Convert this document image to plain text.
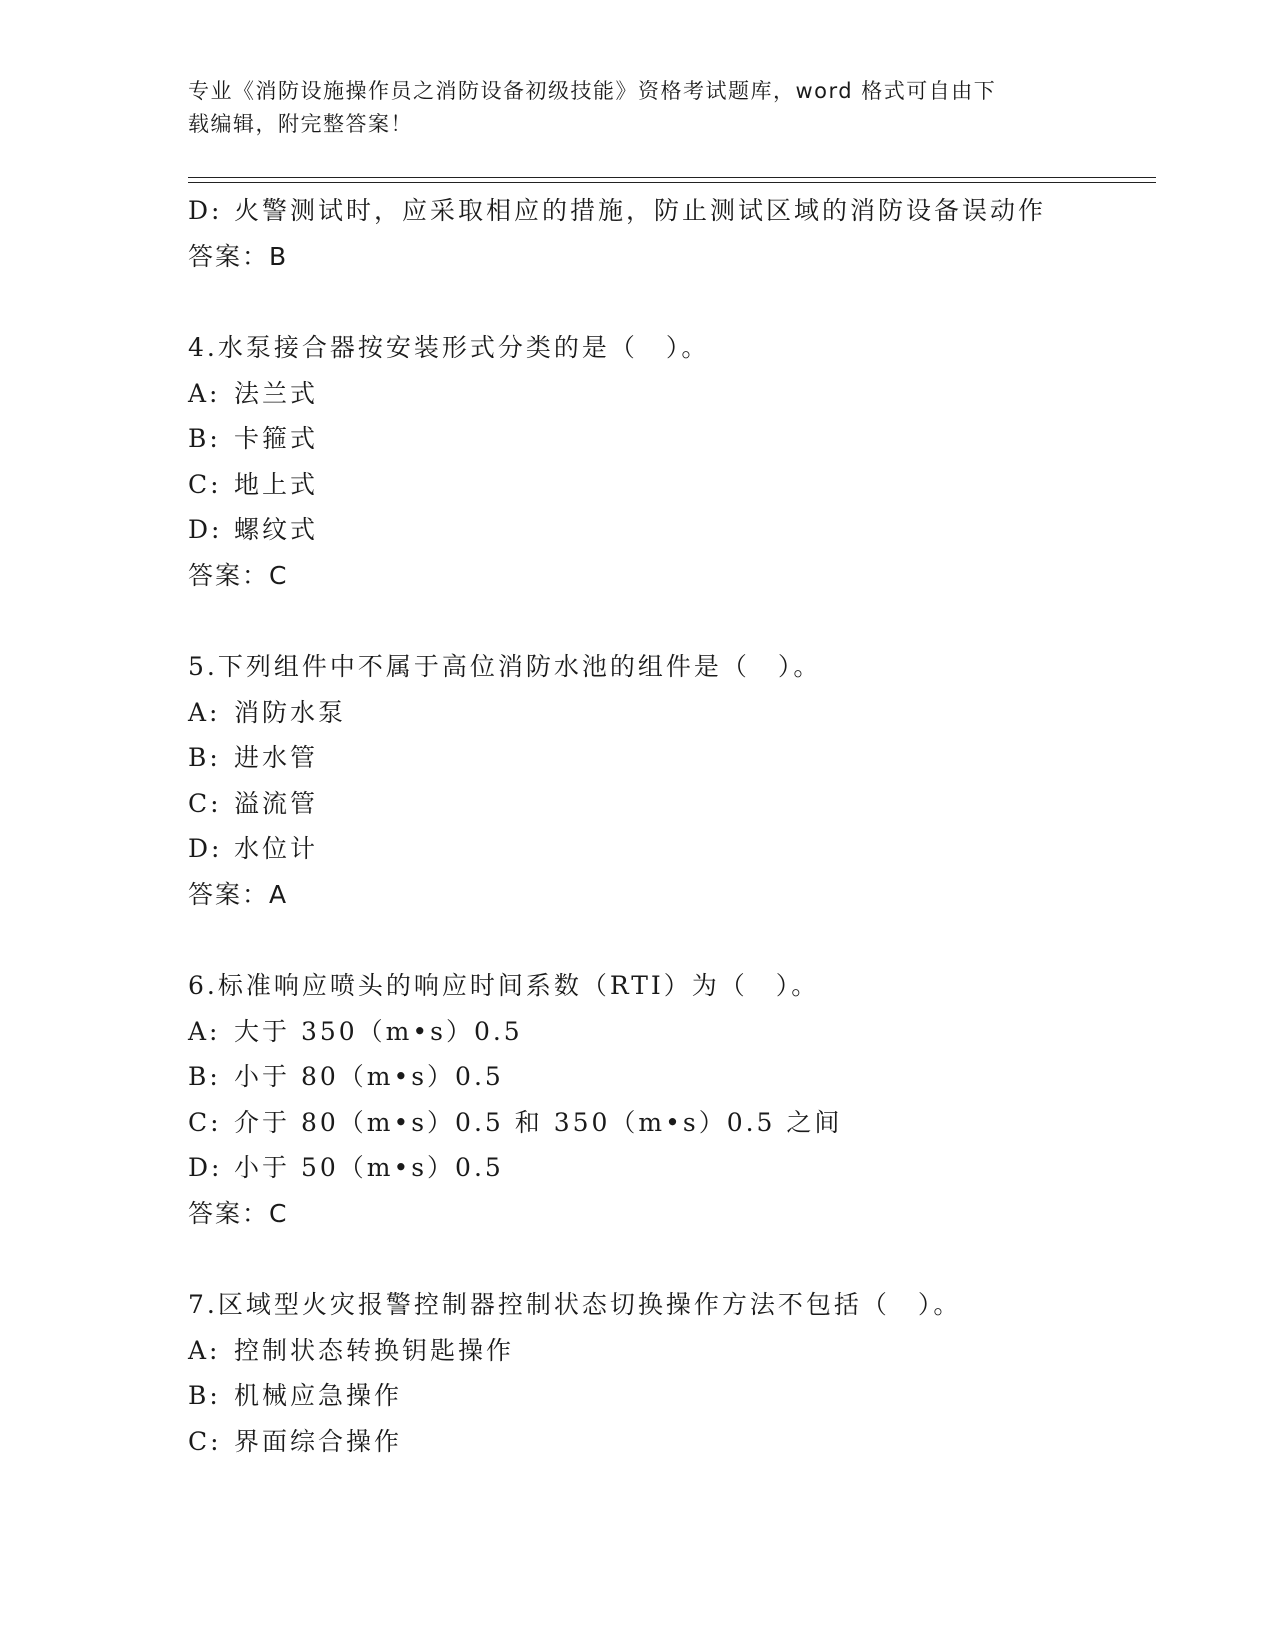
专业《消防设施操作员之消防设备初级技能》资格考试题库，word 格式可自由下
载编辑，附完整答案！
D: 火警测试时，应采取相应的措施，防止测试区域的消防设备误动作
答案：B
4.水泵接合器按安装形式分类的是（　）。
A: 法兰式
B: 卡箍式
C: 地上式
D: 螺纹式
答案：C
5.下列组件中不属于高位消防水池的组件是（　）。
A: 消防水泵
B: 进水管
C: 溢流管
D: 水位计
答案：A
6.标准响应喷头的响应时间系数（RTI）为（　）。
A: 大于 350（m•s）0.5
B: 小于 80（m•s）0.5
C: 介于 80（m•s）0.5 和 350（m•s）0.5 之间
D: 小于 50（m•s）0.5
答案：C
7.区域型火灾报警控制器控制状态切换操作方法不包括（　）。
A: 控制状态转换钥匙操作
B: 机械应急操作
C: 界面综合操作
